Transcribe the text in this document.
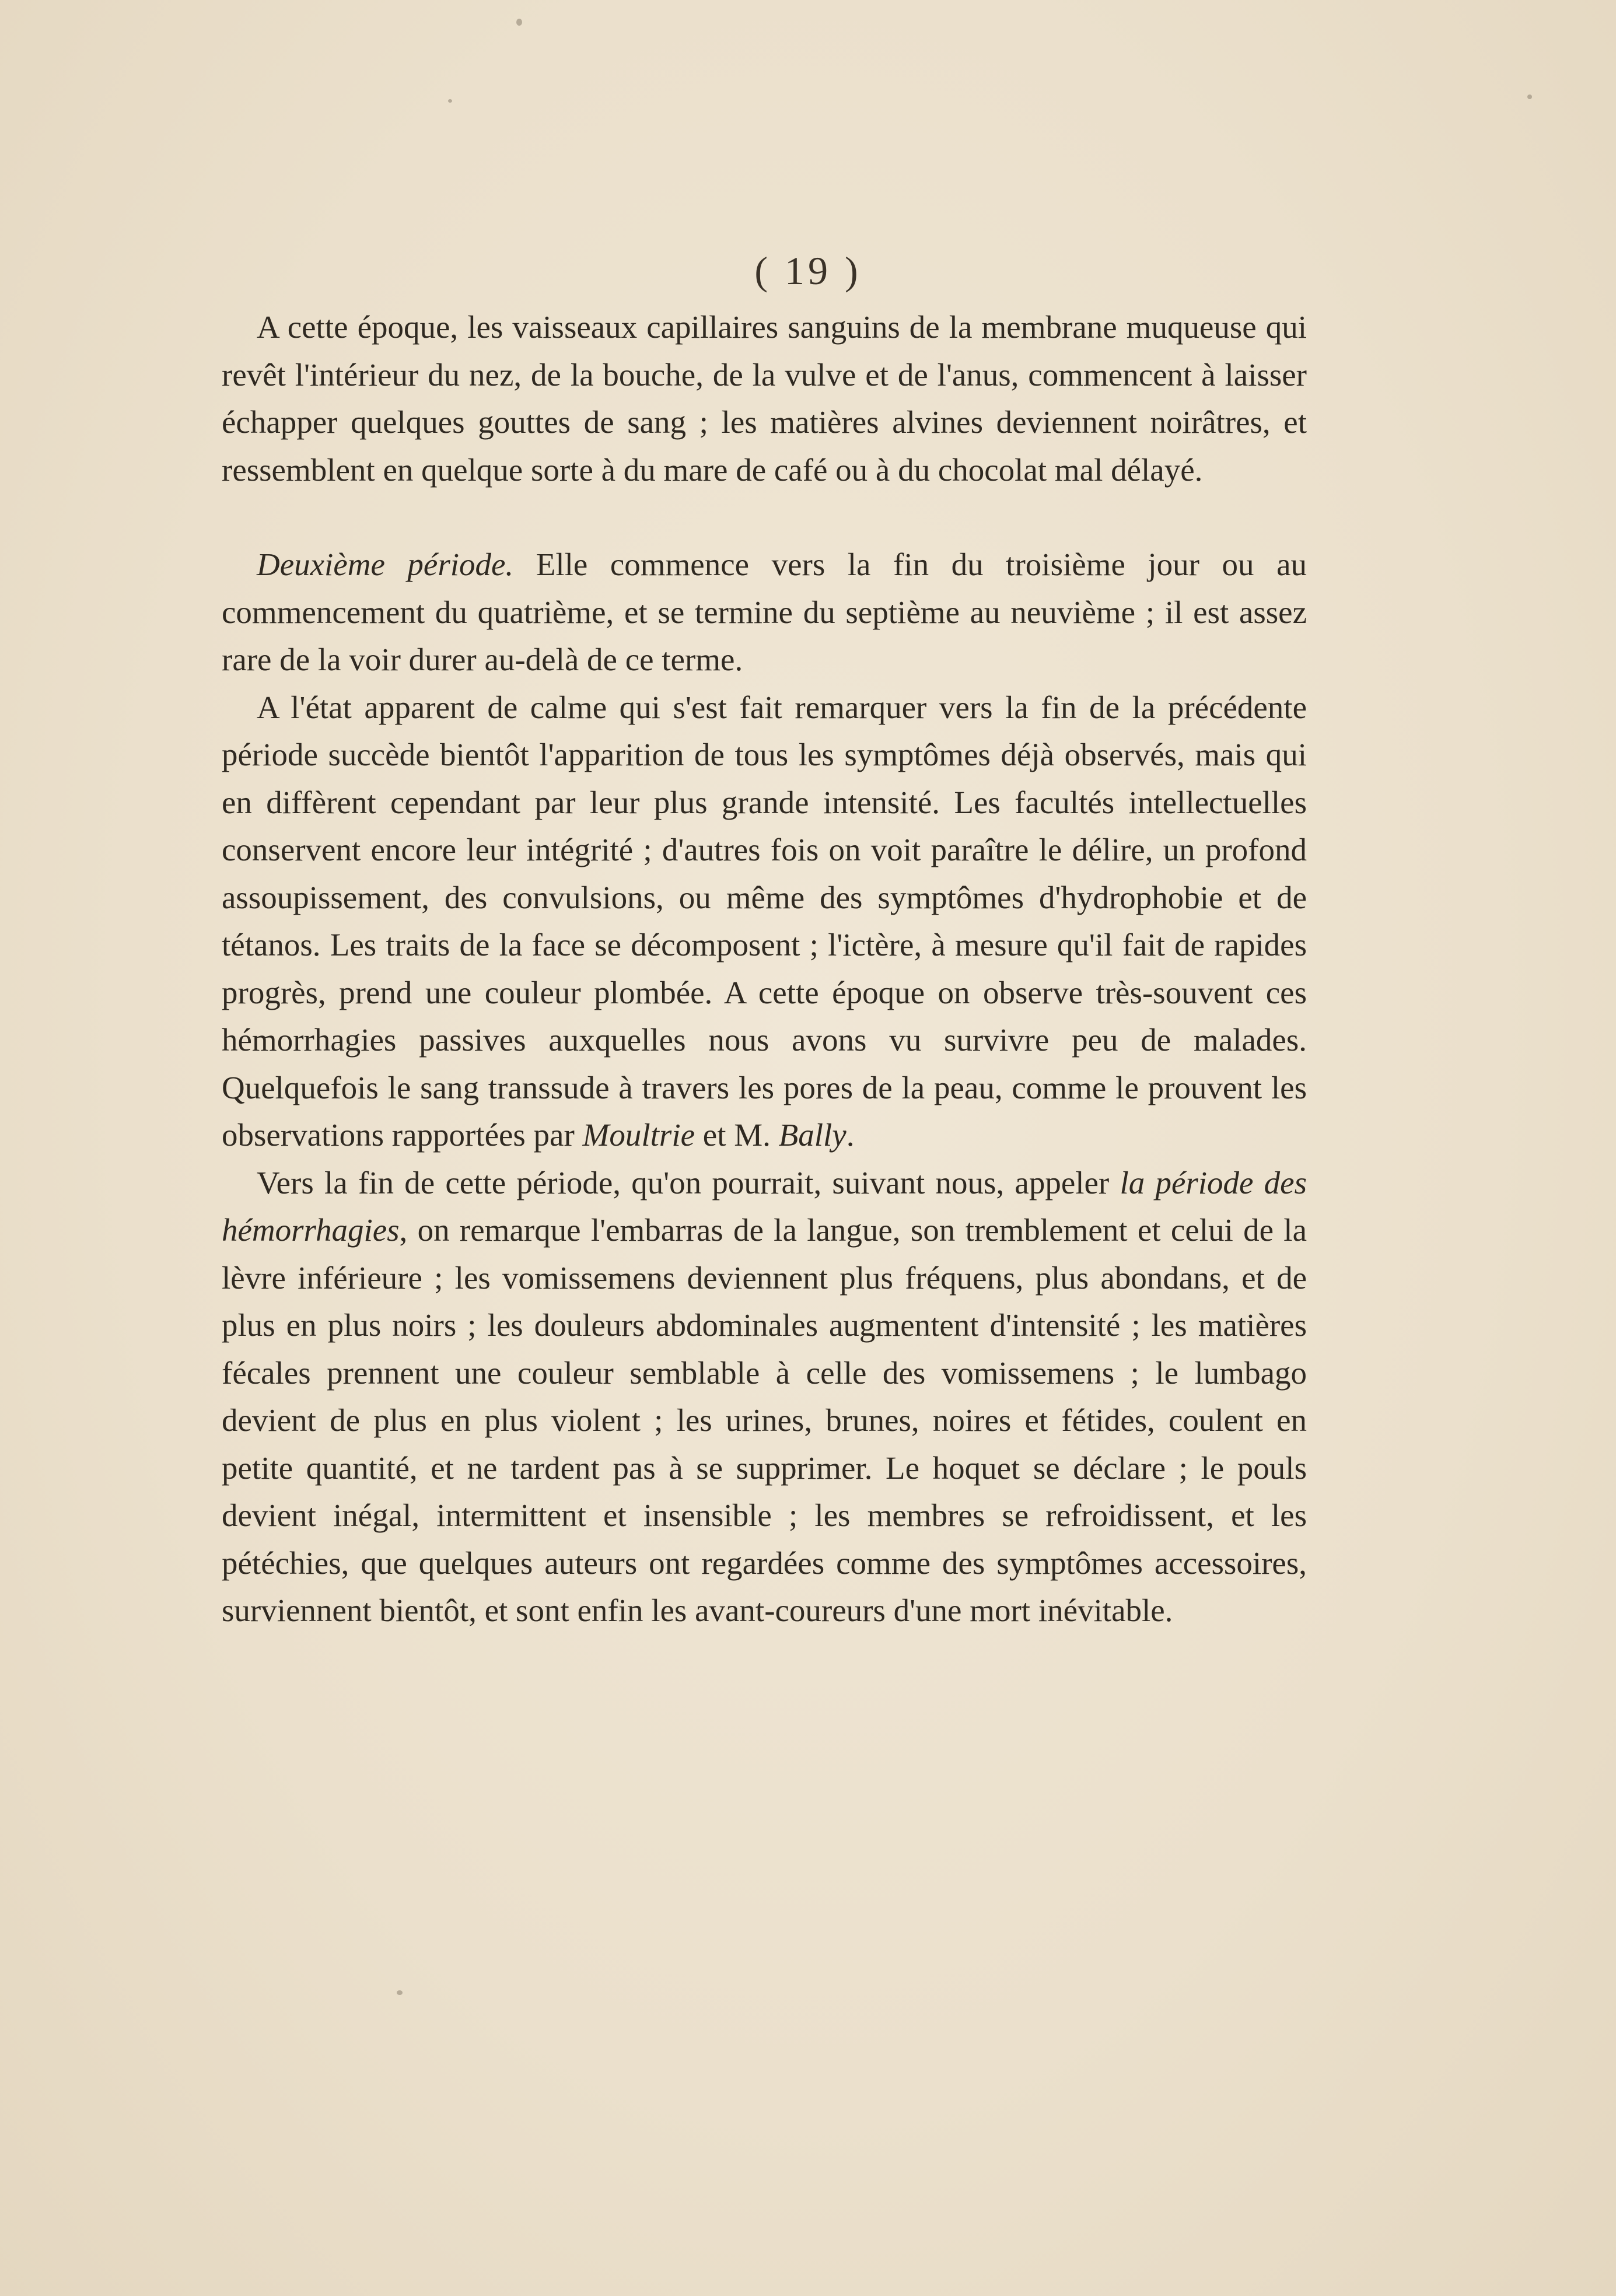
( 19 )

A cette époque, les vaisseaux capillaires sanguins de la membrane muqueuse qui revêt l'intérieur du nez, de la bouche, de la vulve et de l'anus, commencent à laisser échapper quelques gouttes de sang ; les matières alvines deviennent noirâtres, et ressemblent en quelque sorte à du mare de café ou à du chocolat mal délayé.

Deuxième période. Elle commence vers la fin du troisième jour ou au commencement du quatrième, et se termine du septième au neuvième ; il est assez rare de la voir durer au-delà de ce terme.

A l'état apparent de calme qui s'est fait remarquer vers la fin de la précédente période succède bientôt l'apparition de tous les symptômes déjà observés, mais qui en diffèrent cependant par leur plus grande intensité. Les facultés intellectuelles conservent encore leur intégrité ; d'autres fois on voit paraître le délire, un profond assoupissement, des convulsions, ou même des symptômes d'hydrophobie et de tétanos. Les traits de la face se décomposent ; l'ictère, à mesure qu'il fait de rapides progrès, prend une couleur plombée. A cette époque on observe très-souvent ces hémorrhagies passives auxquelles nous avons vu survivre peu de malades. Quelquefois le sang transsude à travers les pores de la peau, comme le prouvent les observations rapportées par Moultrie et M. Bally.

Vers la fin de cette période, qu'on pourrait, suivant nous, appeler la période des hémorrhagies, on remarque l'embarras de la langue, son tremblement et celui de la lèvre inférieure ; les vomissemens deviennent plus fréquens, plus abondans, et de plus en plus noirs ; les douleurs abdominales augmentent d'intensité ; les matières fécales prennent une couleur semblable à celle des vomissemens ; le lumbago devient de plus en plus violent ; les urines, brunes, noires et fétides, coulent en petite quantité, et ne tardent pas à se supprimer. Le hoquet se déclare ; le pouls devient inégal, intermittent et insensible ; les membres se refroidissent, et les pétéchies, que quelques auteurs ont regardées comme des symptômes accessoires, surviennent bientôt, et sont enfin les avant-coureurs d'une mort inévitable.
